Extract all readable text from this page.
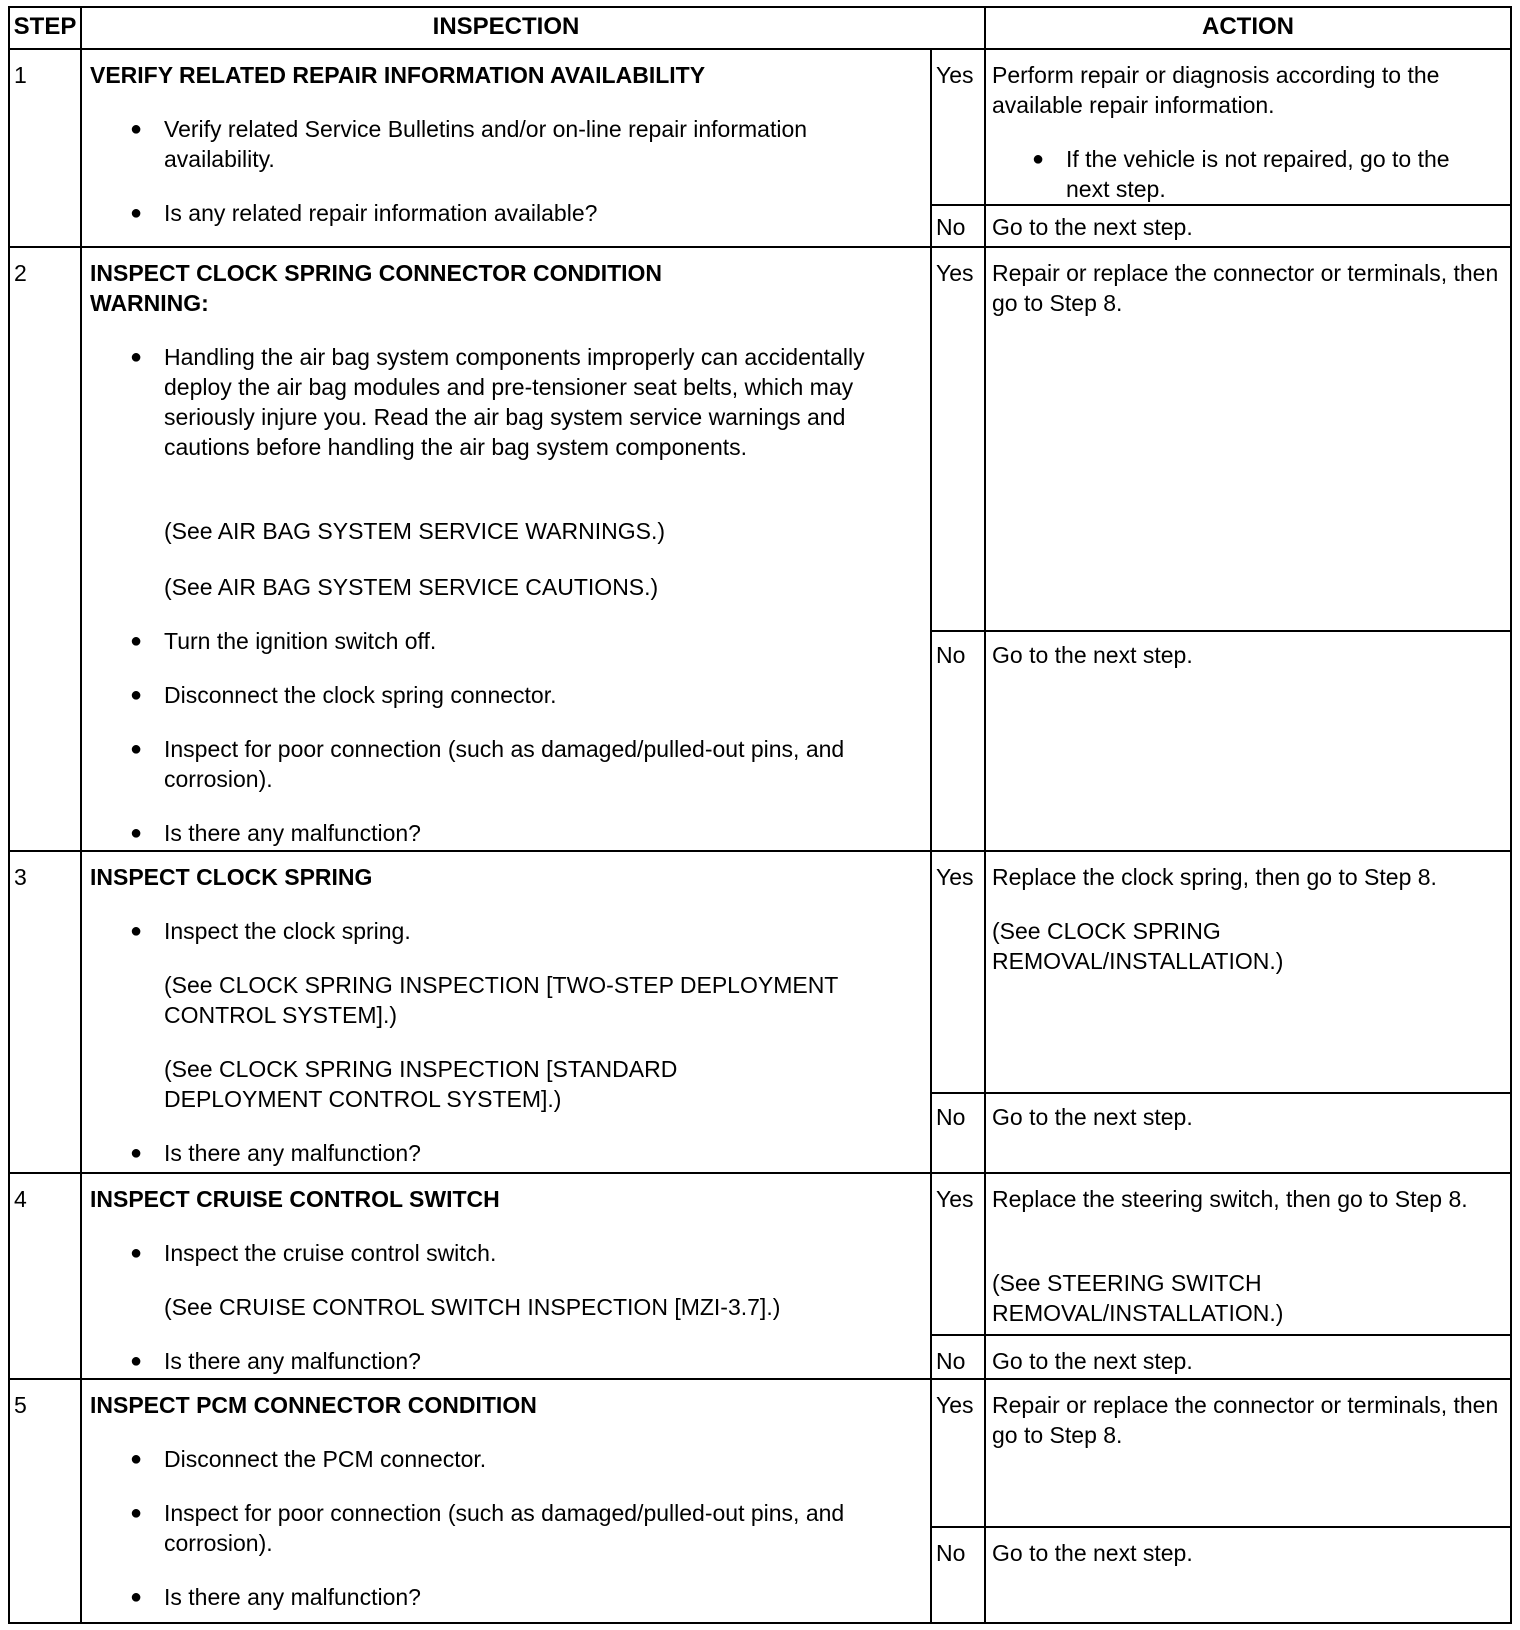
STEP	INSPECTION	ACTION
1	VERIFY RELATED REPAIR INFORMATION AVAILABILITY
● Verify related Service Bulletins and/or on-line repair information availability.
● Is any related repair information available?
Yes Perform repair or diagnosis according to the available repair information.
● If the vehicle is not repaired, go to the next step.
No Go to the next step.
2	INSPECT CLOCK SPRING CONNECTOR CONDITION
WARNING:
● Handling the air bag system components improperly can accidentally deploy the air bag modules and pre-tensioner seat belts, which may seriously injure you. Read the air bag system service warnings and cautions before handling the air bag system components.
(See AIR BAG SYSTEM SERVICE WARNINGS.)
(See AIR BAG SYSTEM SERVICE CAUTIONS.)
● Turn the ignition switch off.
● Disconnect the clock spring connector.
● Inspect for poor connection (such as damaged/pulled-out pins, and corrosion).
● Is there any malfunction?
Yes Repair or replace the connector or terminals, then go to Step 8.
No Go to the next step.
3	INSPECT CLOCK SPRING
● Inspect the clock spring.
(See CLOCK SPRING INSPECTION [TWO-STEP DEPLOYMENT CONTROL SYSTEM].)
(See CLOCK SPRING INSPECTION [STANDARD DEPLOYMENT CONTROL SYSTEM].)
● Is there any malfunction?
Yes Replace the clock spring, then go to Step 8.
(See CLOCK SPRING REMOVAL/INSTALLATION.)
No Go to the next step.
4	INSPECT CRUISE CONTROL SWITCH
● Inspect the cruise control switch.
(See CRUISE CONTROL SWITCH INSPECTION [MZI-3.7].)
● Is there any malfunction?
Yes Replace the steering switch, then go to Step 8.
(See STEERING SWITCH REMOVAL/INSTALLATION.)
No Go to the next step.
5	INSPECT PCM CONNECTOR CONDITION
● Disconnect the PCM connector.
● Inspect for poor connection (such as damaged/pulled-out pins, and corrosion).
● Is there any malfunction?
Yes Repair or replace the connector or terminals, then go to Step 8.
No Go to the next step.
